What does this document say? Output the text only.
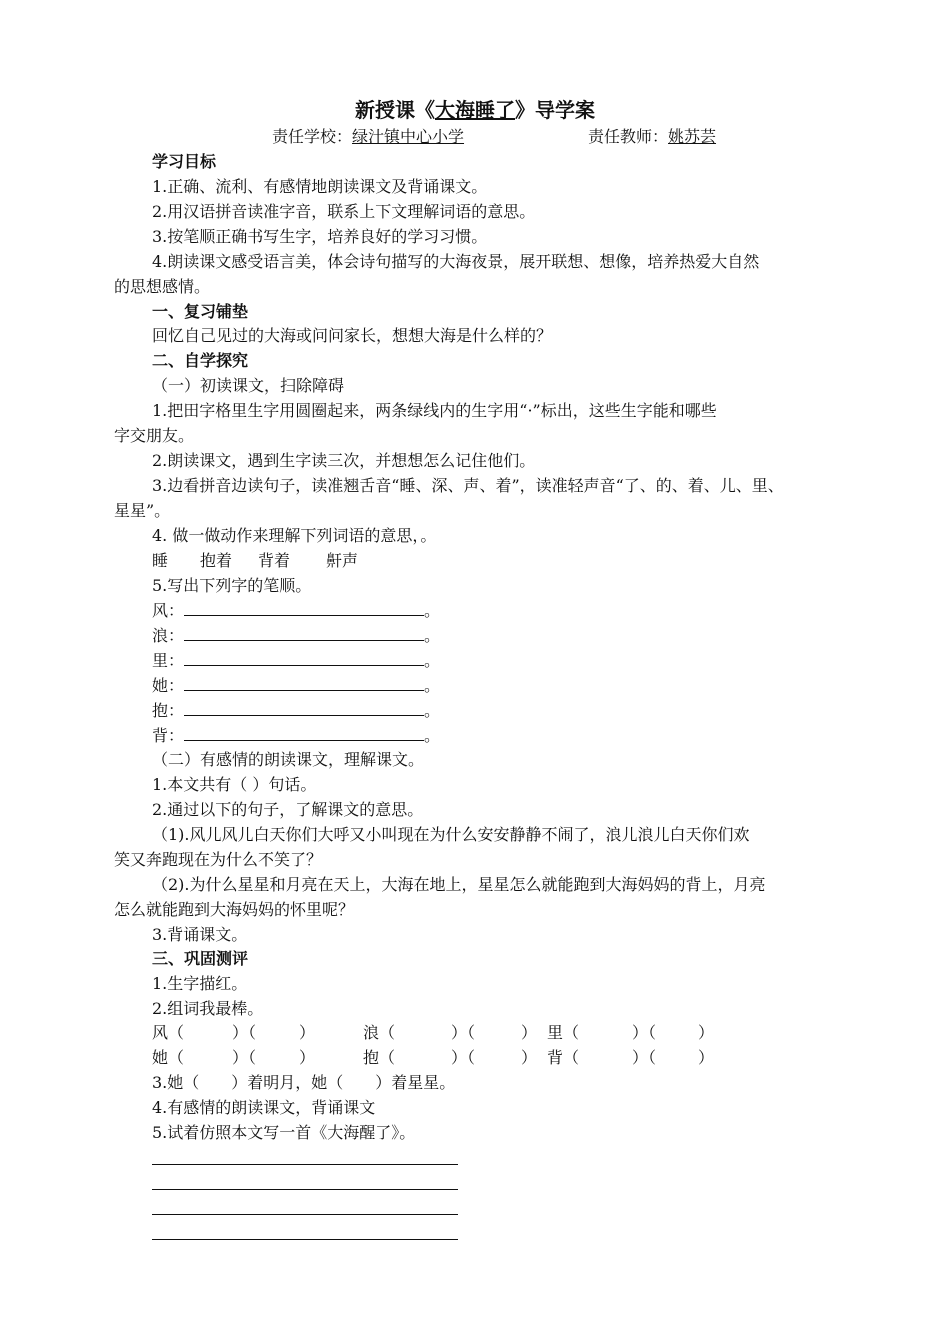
新授课《大海睡了》导学案
责任学校：绿汁镇中心小学	责任教师：姚苏芸
学习目标
1.正确、流利、有感情地朗读课文及背诵课文。
2.用汉语拼音读准字音，联系上下文理解词语的意思。
3.按笔顺正确书写生字，培养良好的学习习惯。
4.朗读课文感受语言美，体会诗句描写的大海夜景，展开联想、想像，培养热爱大自然
的思想感情。
一、复习铺垫
回忆自己见过的大海或问问家长，想想大海是什么样的？
二、自学探究
（一）初读课文，扫除障碍
1.把田字格里生字用圆圈起来，两条绿线内的生字用“·”标出，这些生字能和哪些
字交朋友。
2.朗读课文，遇到生字读三次，并想想怎么记住他们。
3.边看拼音边读句子，读准翘舌音“睡、深、声、着”，读准轻声音“了、的、着、儿、里、
星星”。
4. 做一做动作来理解下列词语的意思，。
睡 抱着 背着 鼾声
5.写出下列字的笔顺。
风：	。
浪：	。
里：	。
她：	。
抱：	。
背：	。
（二）有感情的朗读课文，理解课文。
1.本文共有（ ）句话。
2.通过以下的句子，了解课文的意思。
（1).风儿风儿白天你们大呼又小叫现在为什么安安静静不闹了，浪儿浪儿白天你们欢
笑又奔跑现在为什么不笑了？
（2).为什么星星和月亮在天上，大海在地上，星星怎么就能跑到大海妈妈的背上，月亮
怎么就能跑到大海妈妈的怀里呢？
3.背诵课文。
三、巩固测评
1.生字描红。
2.组词我最棒。
风（	）（	）	浪（	）（	） 里（	）（	）
她（	）（	）	抱（	）（	） 背（	）（	）
3.她（　　）着明月，她（　　）着星星。
4.有感情的朗读课文，背诵课文
5.试着仿照本文写一首《大海醒了》。
